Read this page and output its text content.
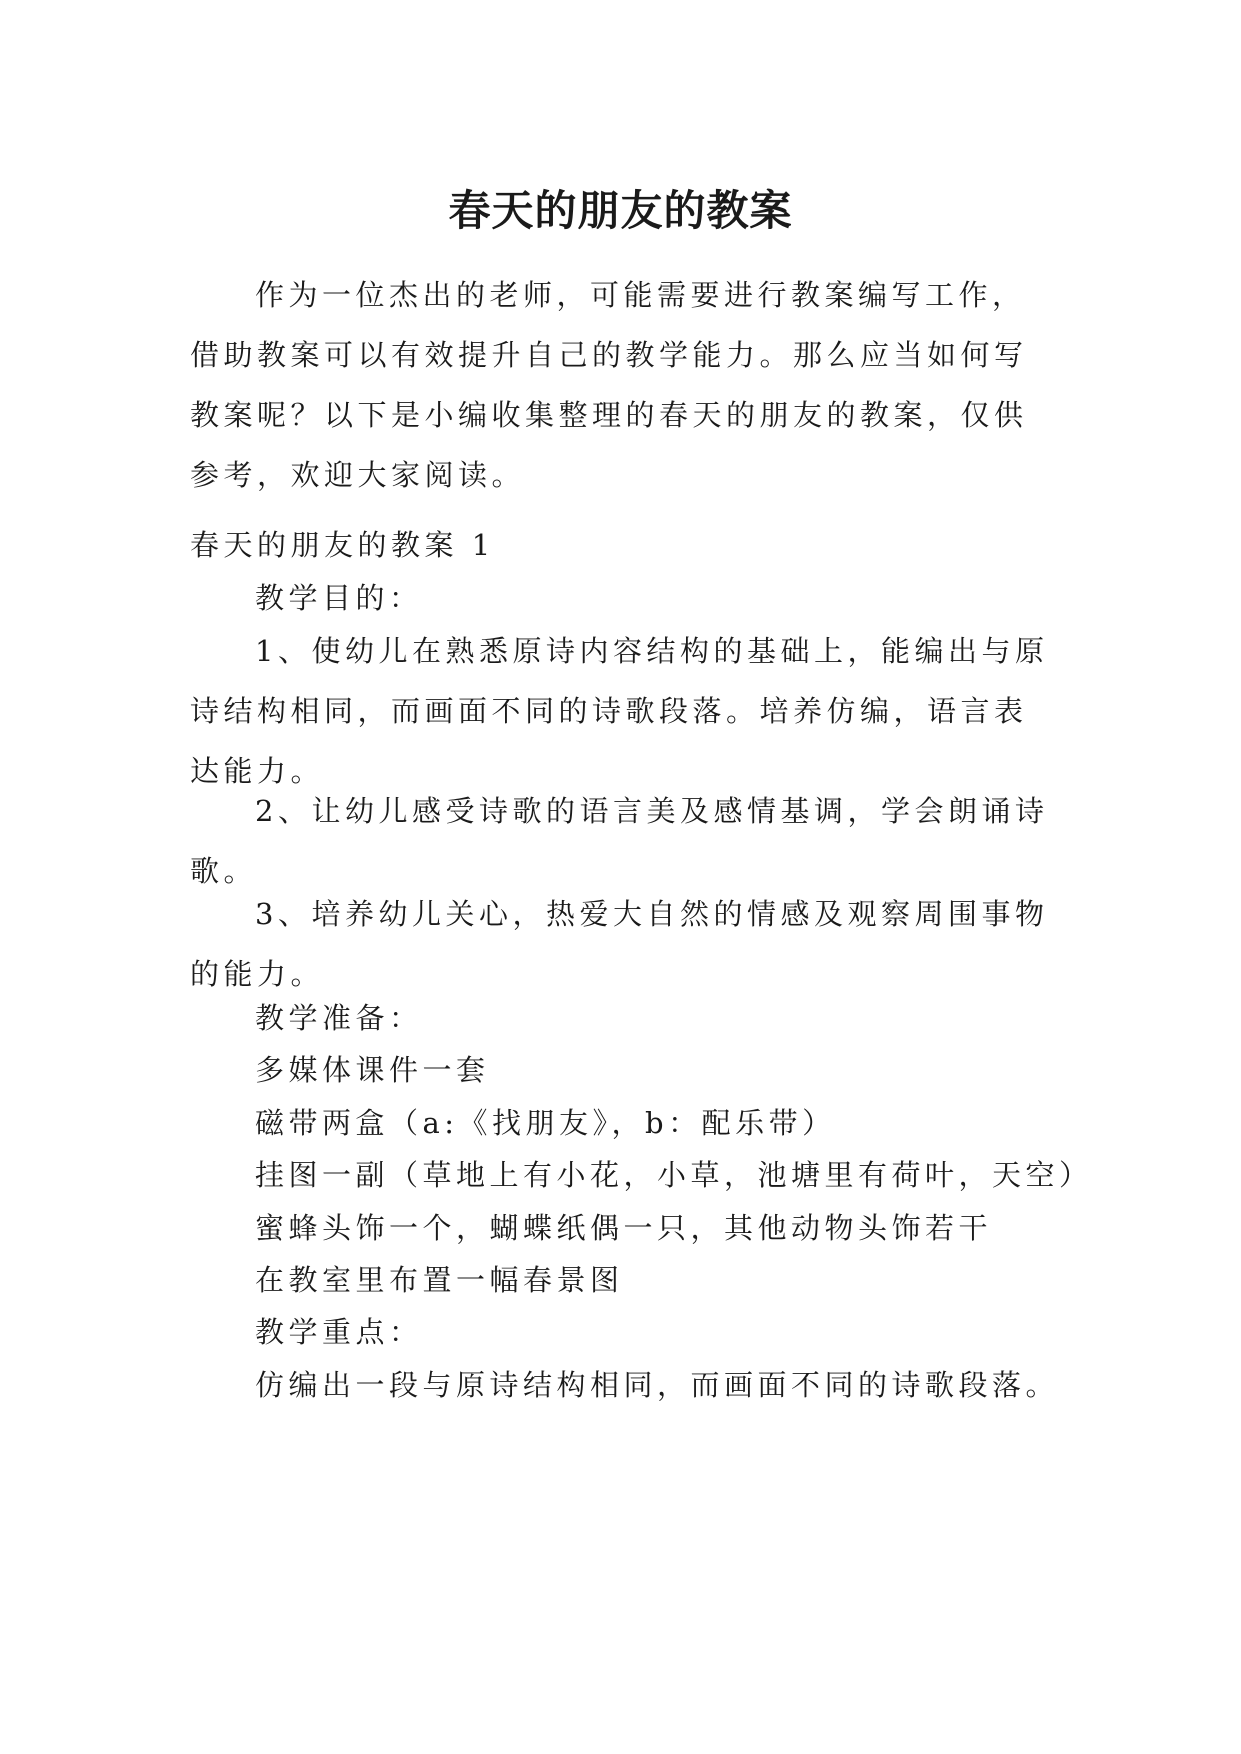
春天的朋友的教案

作为一位杰出的老师，可能需要进行教案编写工作，借助教案可以有效提升自己的教学能力。那么应当如何写教案呢？以下是小编收集整理的春天的朋友的教案，仅供参考，欢迎大家阅读。

春天的朋友的教案 1

教学目的：

1、使幼儿在熟悉原诗内容结构的基础上，能编出与原诗结构相同，而画面不同的诗歌段落。培养仿编，语言表达能力。

2、让幼儿感受诗歌的语言美及感情基调，学会朗诵诗歌。

3、培养幼儿关心，热爱大自然的情感及观察周围事物的能力。

教学准备：

多媒体课件一套

磁带两盒（a:《找朋友》，b：配乐带）

挂图一副（草地上有小花，小草，池塘里有荷叶，天空）

蜜蜂头饰一个，蝴蝶纸偶一只，其他动物头饰若干

在教室里布置一幅春景图

教学重点：

仿编出一段与原诗结构相同，而画面不同的诗歌段落。
